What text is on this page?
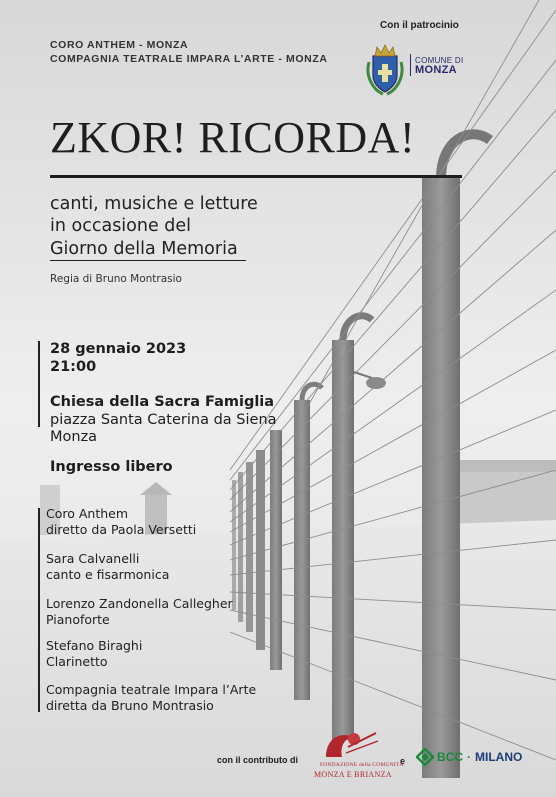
CORO ANTHEM - MONZA
COMPAGNIA TEATRALE IMPARA L’ARTE - MONZA
Con il patrocinio
COMUNE DI
MONZA
ZKOR! RICORDA!
canti, musiche e letture
in occasione del
Giorno della Memoria
Regia di Bruno Montrasio
28 gennaio 2023
21:00
Chiesa della Sacra Famiglia
piazza Santa Caterina da Siena
Monza
Ingresso libero
Coro Anthem
diretto da Paola Versetti
Sara Calvanelli
canto e fisarmonica
Lorenzo Zandonella Callegher
Pianoforte
Stefano Biraghi
Clarinetto
Compagnia teatrale Impara l’Arte
diretta da Bruno Montrasio
con il contributo di	FONDAZIONE della COMUNITÀ
MONZA E BRIANZA
e	BCC · MILANO
